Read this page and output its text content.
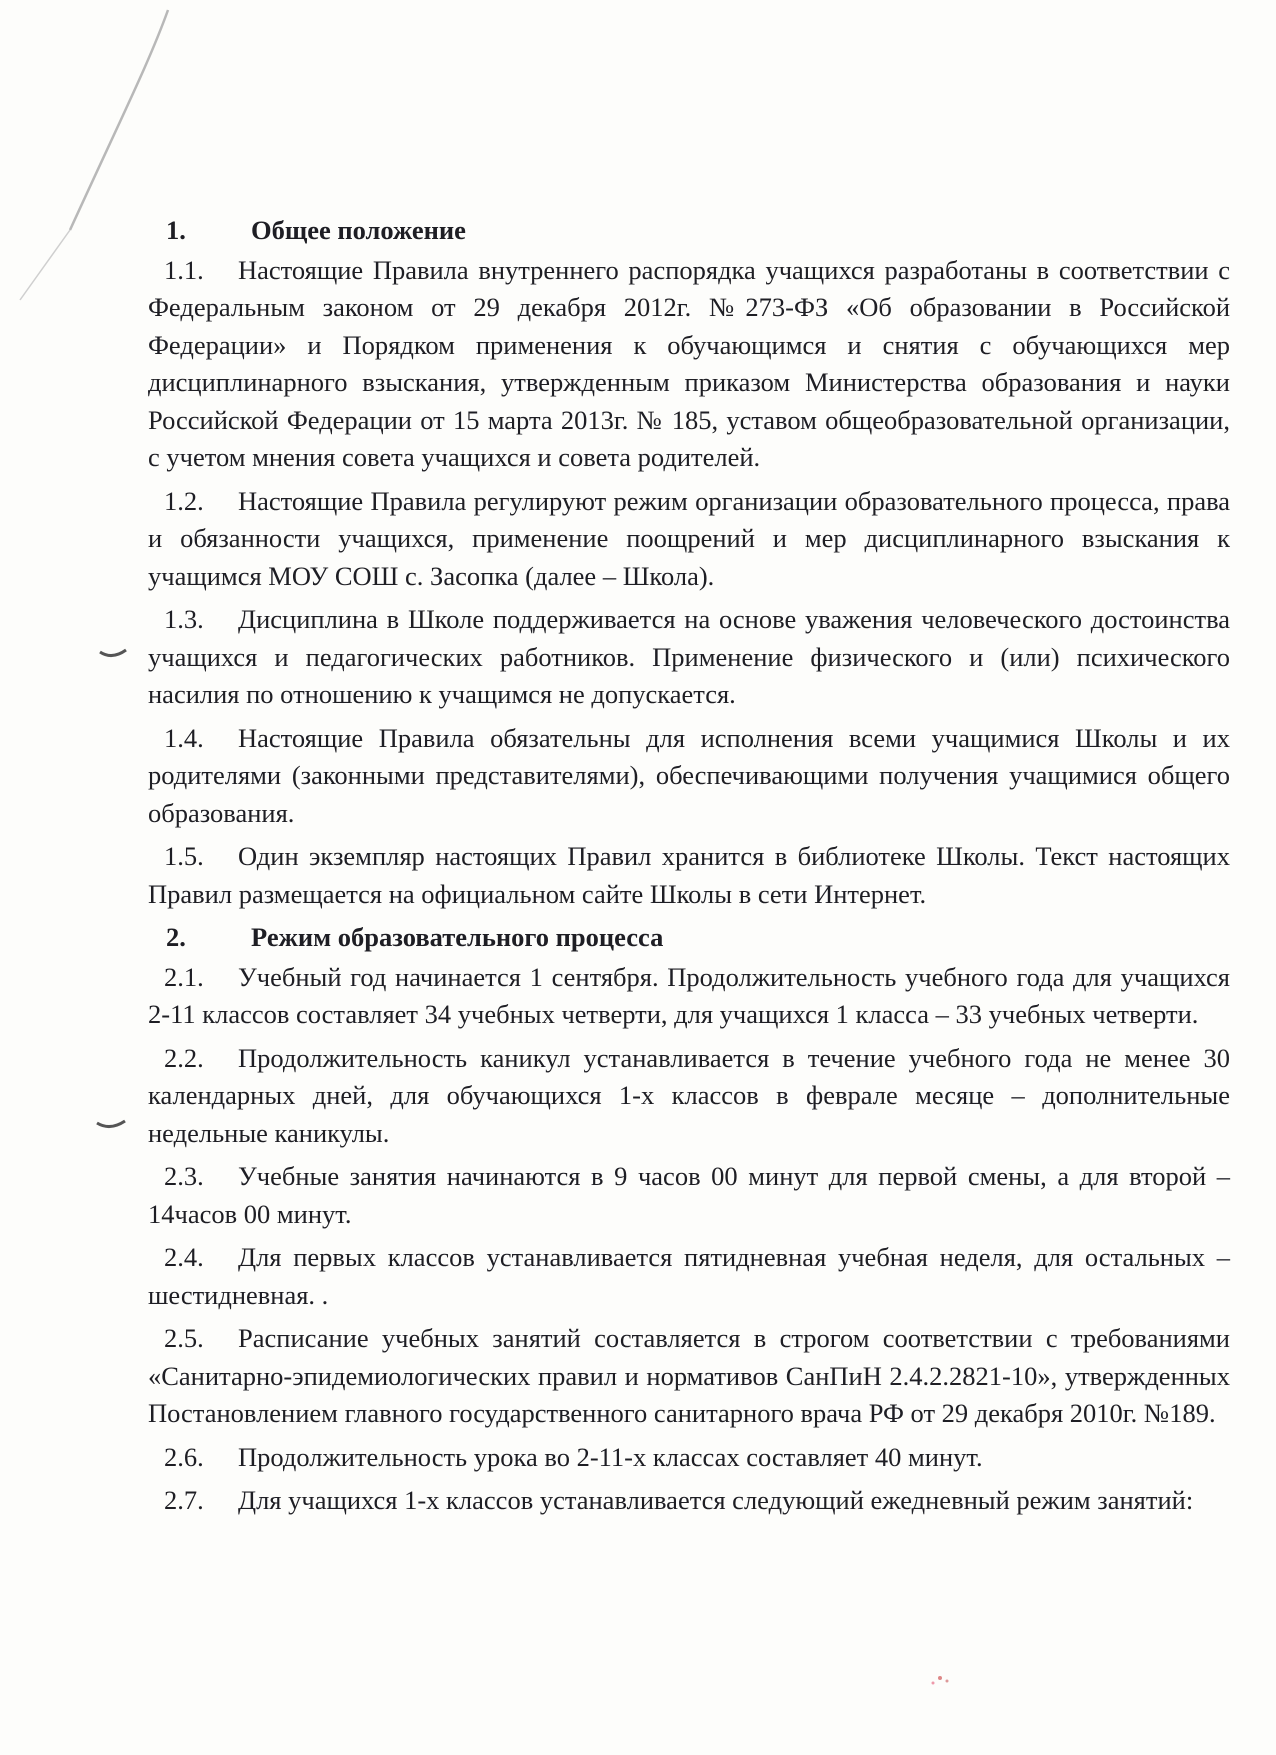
1.	Общее положение

1.1. Настоящие Правила внутреннего распорядка учащихся разработаны в соответствии с Федеральным законом от 29 декабря 2012г. №273-ФЗ «Об образовании в Российской Федерации» и Порядком применения к обучающимся и снятия с обучающихся мер дисциплинарного взыскания, утвержденным приказом Министерства образования и науки Российской Федерации от 15 марта 2013г. № 185, уставом общеобразовательной организации, с учетом мнения совета учащихся и совета родителей.

1.2. Настоящие Правила регулируют режим организации образовательного процесса, права и обязанности учащихся, применение поощрений и мер дисциплинарного взыскания к учащимся МОУ СОШ с. Засопка (далее – Школа).

1.3. Дисциплина в Школе поддерживается на основе уважения человеческого достоинства учащихся и педагогических работников. Применение физического и (или) психического насилия по отношению к учащимся не допускается.

1.4. Настоящие Правила обязательны для исполнения всеми учащимися Школы и их родителями (законными представителями), обеспечивающими получения учащимися общего образования.

1.5. Один экземпляр настоящих Правил хранится в библиотеке Школы. Текст настоящих Правил размещается на официальном сайте Школы в сети Интернет.

2.	Режим образовательного процесса

2.1. Учебный год начинается 1 сентября. Продолжительность учебного года для учащихся 2-11 классов составляет 34 учебных четверти, для учащихся 1 класса – 33 учебных четверти.

2.2. Продолжительность каникул устанавливается в течение учебного года не менее 30 календарных дней, для обучающихся 1-х классов в феврале месяце – дополнительные недельные каникулы.

2.3. Учебные занятия начинаются в 9 часов 00 минут для первой смены, а для второй – 14часов 00 минут.

2.4. Для первых классов устанавливается пятидневная учебная неделя, для остальных – шестидневная. .

2.5. Расписание учебных занятий составляется в строгом соответствии с требованиями «Санитарно-эпидемиологических правил и нормативов СанПиН 2.4.2.2821-10», утвержденных Постановлением главного государственного санитарного врача РФ от 29 декабря 2010г. №189.

2.6. Продолжительность урока во 2-11-х классах составляет 40 минут.

2.7. Для учащихся 1-х классов устанавливается следующий ежедневный режим занятий:
